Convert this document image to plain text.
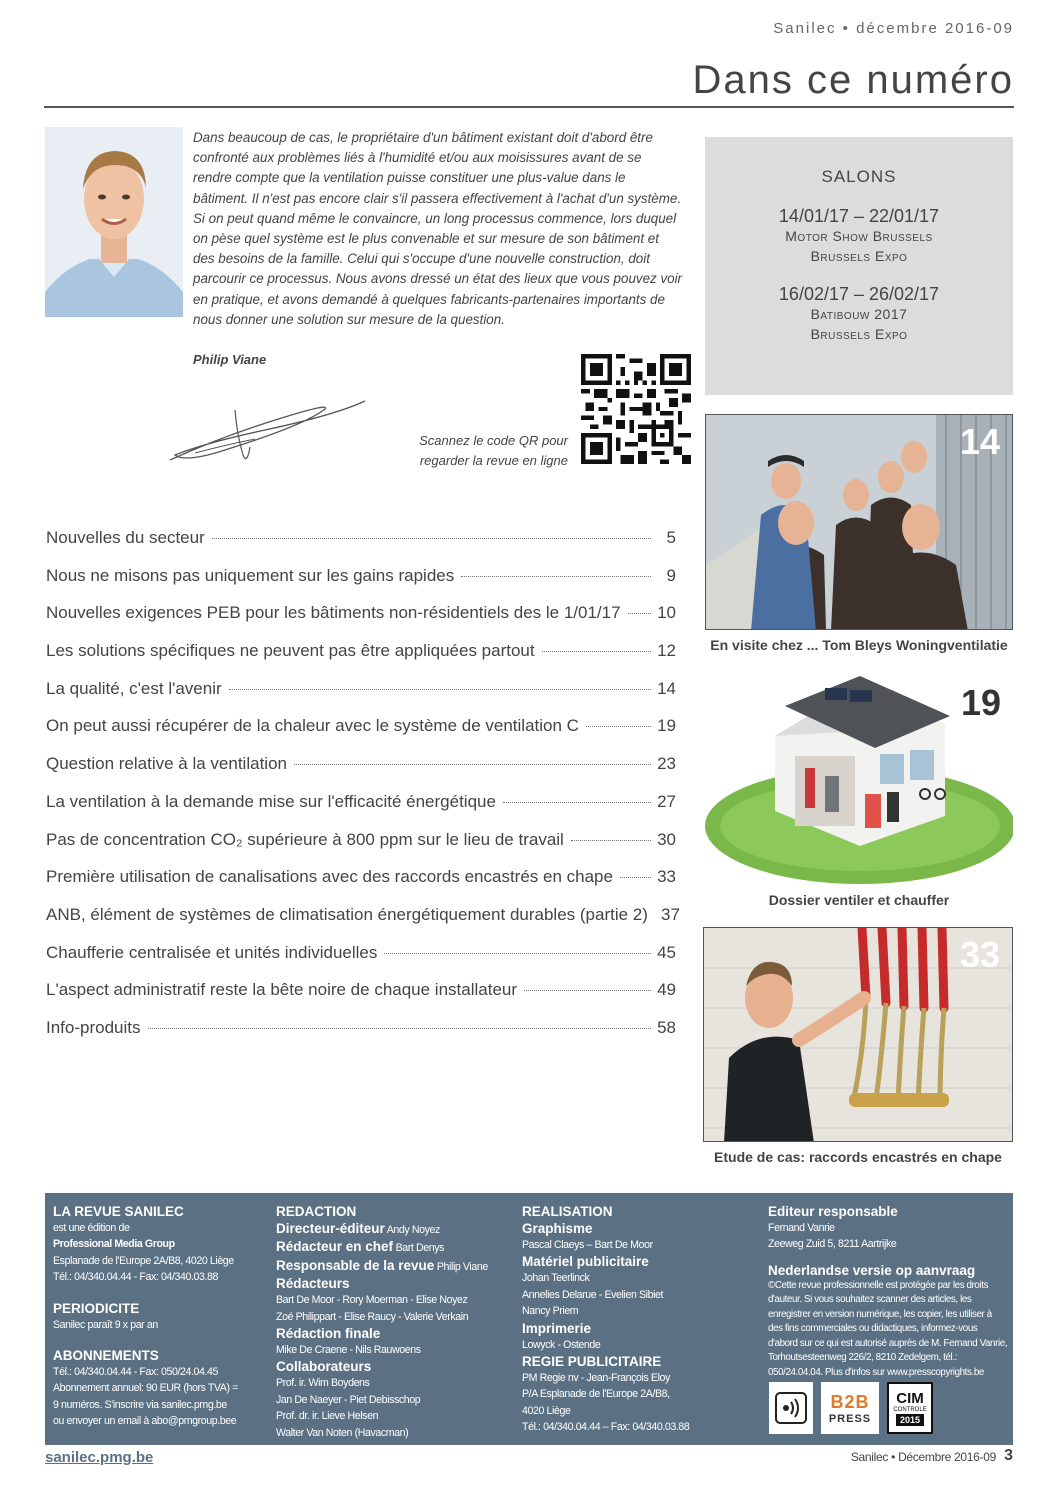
Sanilec • décembre 2016-09
Dans ce numéro
Dans beaucoup de cas, le propriétaire d'un bâtiment existant doit d'abord être confronté aux problèmes liés à l'humidité et/ou aux moisissures avant de se rendre compte que la ventilation puisse constituer une plus-value dans le bâtiment. Il n'est pas encore clair s'il passera effectivement à l'achat d'un système. Si on peut quand même le convaincre, un long processus commence, lors duquel on pèse quel système est le plus convenable et sur mesure de son bâtiment et des besoins de la famille. Celui qui s'occupe d'une nouvelle construction, doit parcourir ce processus. Nous avons dressé un état des lieux que vous pouvez voir en pratique, et avons demandé à quelques fabricants-partenaires importants de nous donner une solution sur mesure de la question.
Philip Viane
Scannez le code QR pour
regarder la revue en ligne
SALONS
14/01/17 – 22/01/17
Motor Show Brussels
Brussels Expo
16/02/17 – 26/02/17
Batibouw 2017
Brussels Expo
Nouvelles du secteur	5
Nous ne misons pas uniquement sur les gains rapides	9
Nouvelles exigences PEB pour les bâtiments non-résidentiels des le 1/01/17 10
Les solutions spécifiques ne peuvent pas être appliquées partout	12
La qualité, c'est l'avenir	14
On peut aussi récupérer de la chaleur avec le système de ventilation C	19
Question relative à la ventilation	23
La ventilation à la demande mise sur l'efficacité énergétique	27
Pas de concentration CO₂ supérieure à 800 ppm sur le lieu de travail	30
Première utilisation de canalisations avec des raccords encastrés en chape	33
ANB, élément de systèmes de climatisation énergétiquement durables (partie 2) 37
Chaufferie centralisée et unités individuelles	45
L'aspect administratif reste la bête noire de chaque installateur	49
Info-produits	58
14
En visite chez ... Tom Bleys Woningventilatie
19
Dossier ventiler et chauffer
33
Etude de cas: raccords encastrés en chape
LA REVUE SANILEC
est une édition de
Professional Media Group
Esplanade de l'Europe 2A/B8, 4020 Liège
Tél.: 04/340.04.44 - Fax: 04/340.03.88
PERIODICITE
Sanilec paraît 9 x par an
ABONNEMENTS
Tél.: 04/340.04.44 - Fax: 050/24.04.45
Abonnement annuel: 90 EUR (hors TVA) =
9 numéros. S'inscrire via sanilec.pmg.be
ou envoyer un email à abo@pmgroup.bee
REDACTION
Directeur-éditeur Andy Noyez
Rédacteur en chef Bart Denys
Responsable de la revue Philip Viane
Rédacteurs
Bart De Moor - Rory Moerman - Elise Noyez
Zoé Philippart - Elise Raucy - Valerie Verkain
Rédaction finale
Mike De Craene - Nils Rauwoens
Collaborateurs
Prof. ir. Wim Boydens
Jan De Naeyer - Piet Debisschop
Prof. dr. ir. Lieve Helsen
Walter Van Noten (Havacman)
REALISATION
Graphisme
Pascal Claeys – Bart De Moor
Matériel publicitaire
Johan Teerlinck
Annelies Delarue - Evelien Sibiet
Nancy Priem
Imprimerie
Lowyck - Ostende
REGIE PUBLICITAIRE
PM Regie nv - Jean-François Eloy
P/A Esplanade de l'Europe 2A/B8,
4020 Liège
Tél.: 04/340.04.44 – Fax: 04/340.03.88
Editeur responsable
Fernand Vanrie
Zeeweg Zuid 5, 8211 Aartrijke
Nederlandse versie op aanvraag
©Cette revue professionnelle est protégée par les droits d'auteur. Si vous souhaitez scanner des articles, les enregistrer en version numérique, les copier, les utiliser à des fins commerciales ou didactiques, informez-vous d'abord sur ce qui est autorisé auprès de M. Fernand Vanrie, Torhoutsesteenweg 226/2, 8210 Zedelgem, tél.: 050/24.04.04. Plus d'infos sur www.presscopyrights.be
B2B
PRESS
CIM
CONTROLE
2015
sanilec.pmg.be	Sanilec • Décembre 2016-09 3
